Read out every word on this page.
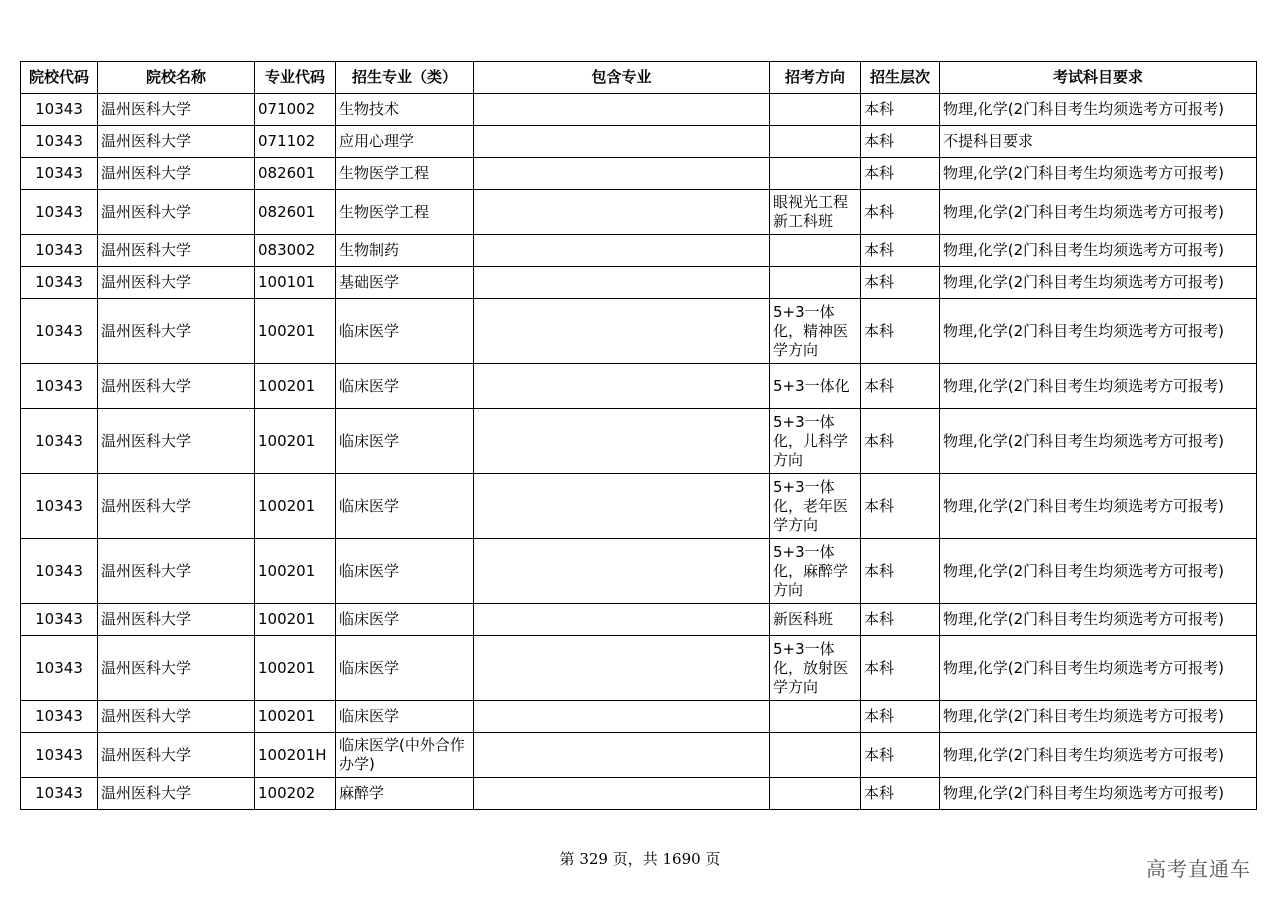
院校代码	院校名称	专业代码	招生专业（类）	包含专业	招考方向	招生层次	考试科目要求
10343	温州医科大学	071002	生物技术			本科	物理,化学(2门科目考生均须选考方可报考)
10343	温州医科大学	071102	应用心理学			本科	不提科目要求
10343	温州医科大学	082601	生物医学工程			本科	物理,化学(2门科目考生均须选考方可报考)
10343	温州医科大学	082601	生物医学工程		眼视光工程新工科班	本科	物理,化学(2门科目考生均须选考方可报考)
10343	温州医科大学	083002	生物制药			本科	物理,化学(2门科目考生均须选考方可报考)
10343	温州医科大学	100101	基础医学			本科	物理,化学(2门科目考生均须选考方可报考)
10343	温州医科大学	100201	临床医学		5+3一体化，精神医学方向	本科	物理,化学(2门科目考生均须选考方可报考)
10343	温州医科大学	100201	临床医学		5+3一体化	本科	物理,化学(2门科目考生均须选考方可报考)
10343	温州医科大学	100201	临床医学		5+3一体化，儿科学方向	本科	物理,化学(2门科目考生均须选考方可报考)
10343	温州医科大学	100201	临床医学		5+3一体化，老年医学方向	本科	物理,化学(2门科目考生均须选考方可报考)
10343	温州医科大学	100201	临床医学		5+3一体化，麻醉学方向	本科	物理,化学(2门科目考生均须选考方可报考)
10343	温州医科大学	100201	临床医学		新医科班	本科	物理,化学(2门科目考生均须选考方可报考)
10343	温州医科大学	100201	临床医学		5+3一体化，放射医学方向	本科	物理,化学(2门科目考生均须选考方可报考)
10343	温州医科大学	100201	临床医学			本科	物理,化学(2门科目考生均须选考方可报考)
10343	温州医科大学	100201H	临床医学(中外合作办学)			本科	物理,化学(2门科目考生均须选考方可报考)
10343	温州医科大学	100202	麻醉学			本科	物理,化学(2门科目考生均须选考方可报考)
第 329 页，共 1690 页	高考直通车
